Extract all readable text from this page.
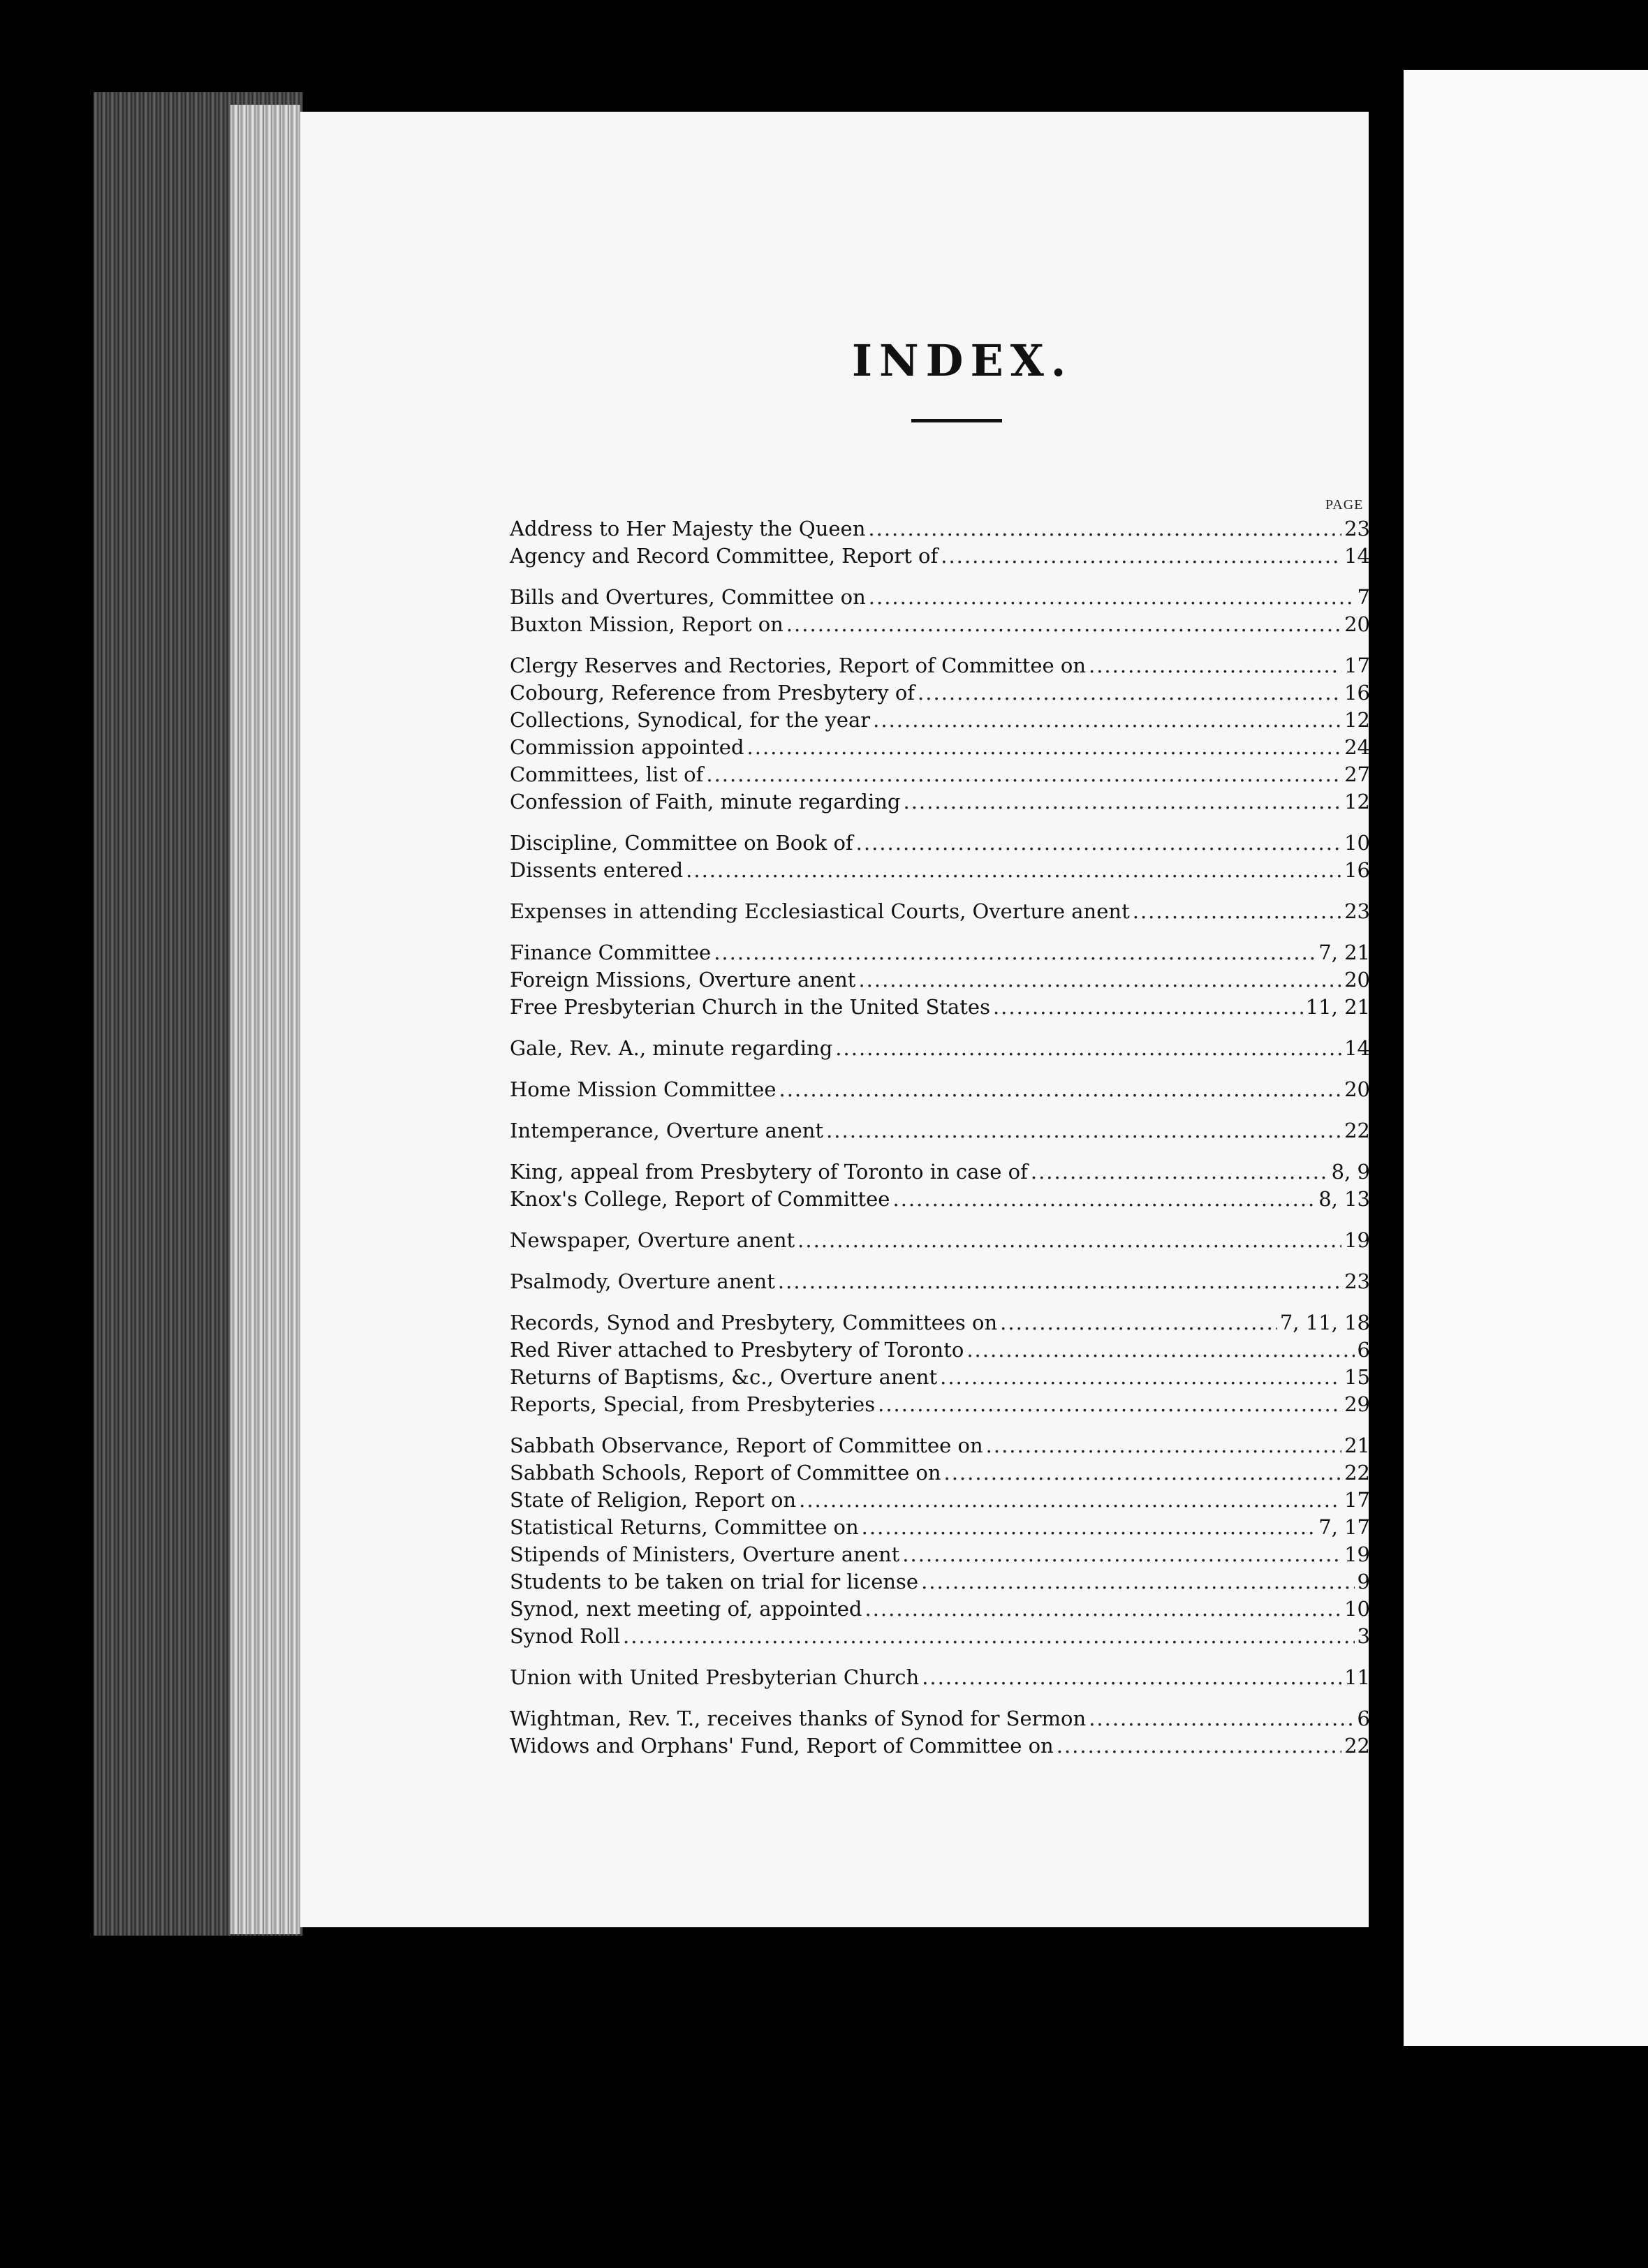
INDEX.
PAGE
Address to Her Majesty the Queen .....	23
Agency and Record Committee, Report of .....	14
Bills and Overtures, Committee on .....	7
Buxton Mission, Report on .....	20
Clergy Reserves and Rectories, Report of Committee on .....	17
Cobourg, Reference from Presbytery of .....	16
Collections, Synodical, for the year .....	12
Commission appointed .....	24
Committees, list of .....	27
Confession of Faith, minute regarding .....	12
Discipline, Committee on Book of .....	10
Dissents entered .....	16
Expenses in attending Ecclesiastical Courts, Overture anent .....	23
Finance Committee .....	7, 21
Foreign Missions, Overture anent .....	20
Free Presbyterian Church in the United States .....	11, 21
Gale, Rev. A., minute regarding .....	14
Home Mission Committee .....	20
Intemperance, Overture anent .....	22
King, appeal from Presbytery of Toronto in case of .....	8, 9
Knox's College, Report of Committee .....	8, 13
Newspaper, Overture anent .....	19
Psalmody, Overture anent .....	23
Records, Synod and Presbytery, Committees on .....	7, 11, 18
Red River attached to Presbytery of Toronto .....	6
Returns of Baptisms, &c., Overture anent .....	15
Reports, Special, from Presbyteries .....	29
Sabbath Observance, Report of Committee on .....	21
Sabbath Schools, Report of Committee on .....	22
State of Religion, Report on .....	17
Statistical Returns, Committee on .....	7, 17
Stipends of Ministers, Overture anent .....	19
Students to be taken on trial for license .....	9
Synod, next meeting of, appointed .....	10
Synod Roll .....	3
Union with United Presbyterian Church .....	11
Wightman, Rev. T., receives thanks of Synod for Sermon .....	6
Widows and Orphans' Fund, Report of Committee on .....	22
